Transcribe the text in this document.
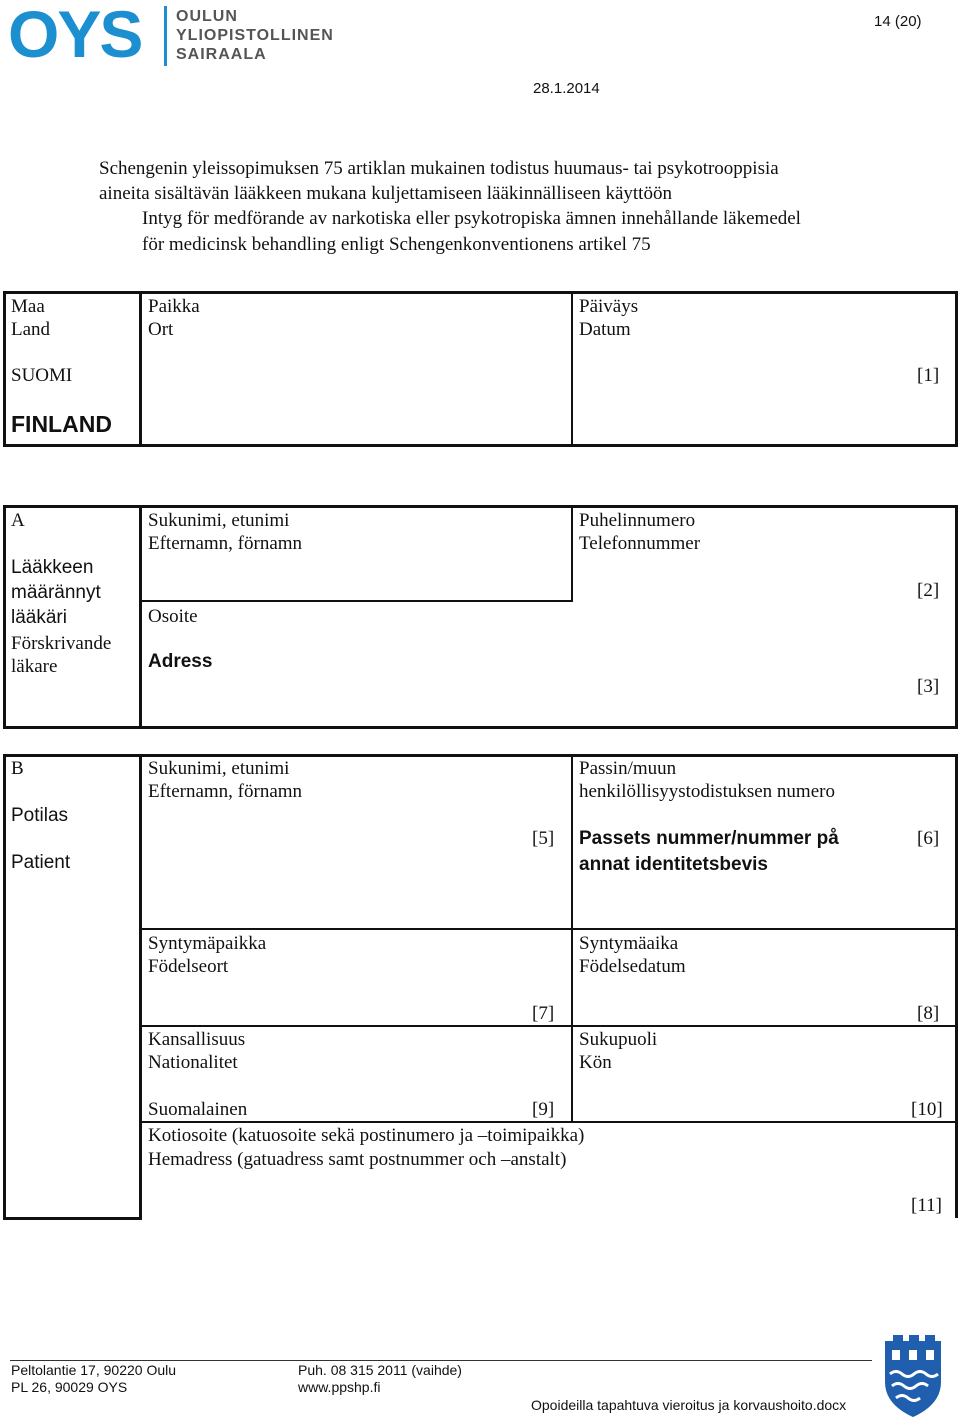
OYS OULUN
YLIOPISTOLLINEN
SAIRAALA
14 (20)
28.1.2014
Schengenin yleissopimuksen 75 artiklan mukainen todistus huumaus- tai psykotrooppisia
aineita sisältävän lääkkeen mukana kuljettamiseen lääkinnälliseen käyttöön
Intyg för medförande av narkotiska eller psykotropiska ämnen innehållande läkemedel
för medicinsk behandling enligt Schengenkonventionens artikel 75
Maa
Land
SUOMI
FINLAND
Paikka
Ort
Päiväys
Datum
[1]
A
Lääkkeen
määrännyt
lääkäri
Förskrivande
läkare
Sukunimi, etunimi
Efternamn, förnamn
Puhelinnumero
Telefonnummer
[2]
Osoite
Adress
[3]
B
Potilas
Patient
Sukunimi, etunimi
Efternamn, förnamn
[5]
Passin/muun
henkilöllisyystodistuksen numero
Passets nummer/nummer på
annat identitetsbevis
[6]
Syntymäpaikka
Födelseort
[7]
Syntymäaika
Födelsedatum
[8]
Kansallisuus
Nationalitet
Suomalainen	[9]
Sukupuoli
Kön
[10]
Kotiosoite (katuosoite sekä postinumero ja –toimipaikka)
Hemadress (gatuadress samt postnummer och –anstalt)
[11]
Peltolantie 17, 90220 Oulu
PL 26, 90029 OYS
Puh. 08 315 2011 (vaihde)
www.ppshp.fi
Opoideilla tapahtuva vieroitus ja korvaushoito.docx
